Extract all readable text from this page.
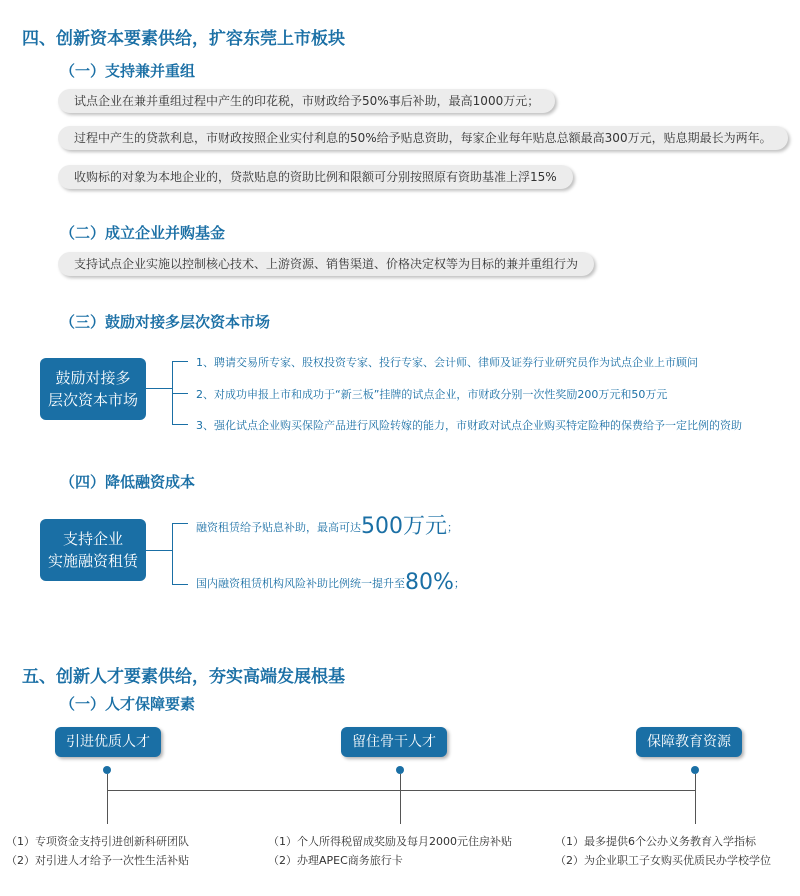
四、创新资本要素供给，扩容东莞上市板块
（一）支持兼并重组
试点企业在兼并重组过程中产生的印花税，市财政给予50%事后补助，最高1000万元；
过程中产生的贷款利息，市财政按照企业实付利息的50%给予贴息资助，每家企业每年贴息总额最高300万元，贴息期最长为两年。
收购标的对象为本地企业的，贷款贴息的资助比例和限额可分别按照原有资助基准上浮15%
（二）成立企业并购基金
支持试点企业实施以控制核心技术、上游资源、销售渠道、价格决定权等为目标的兼并重组行为
（三）鼓励对接多层次资本市场
鼓励对接多
层次资本市场
1、聘请交易所专家、股权投资专家、投行专家、会计师、律师及证券行业研究员作为试点企业上市顾问
2、对成功申报上市和成功于“新三板”挂牌的试点企业，市财政分别一次性奖励200万元和50万元
3、强化试点企业购买保险产品进行风险转嫁的能力，市财政对试点企业购买特定险种的保费给予一定比例的资助
（四）降低融资成本
支持企业
实施融资租赁
融资租赁给予贴息补助，最高可达500万元；
国内融资租赁机构风险补助比例统一提升至80%；
五、创新人才要素供给，夯实高端发展根基
（一）人才保障要素
引进优质人才	留住骨干人才	保障教育资源
（1）专项资金支持引进创新科研团队
（2）对引进人才给予一次性生活补贴
（1）个人所得税留成奖励及每月2000元住房补贴
（2）办理APEC商务旅行卡
（1）最多提供6个公办义务教育入学指标
（2）为企业职工子女购买优质民办学校学位
